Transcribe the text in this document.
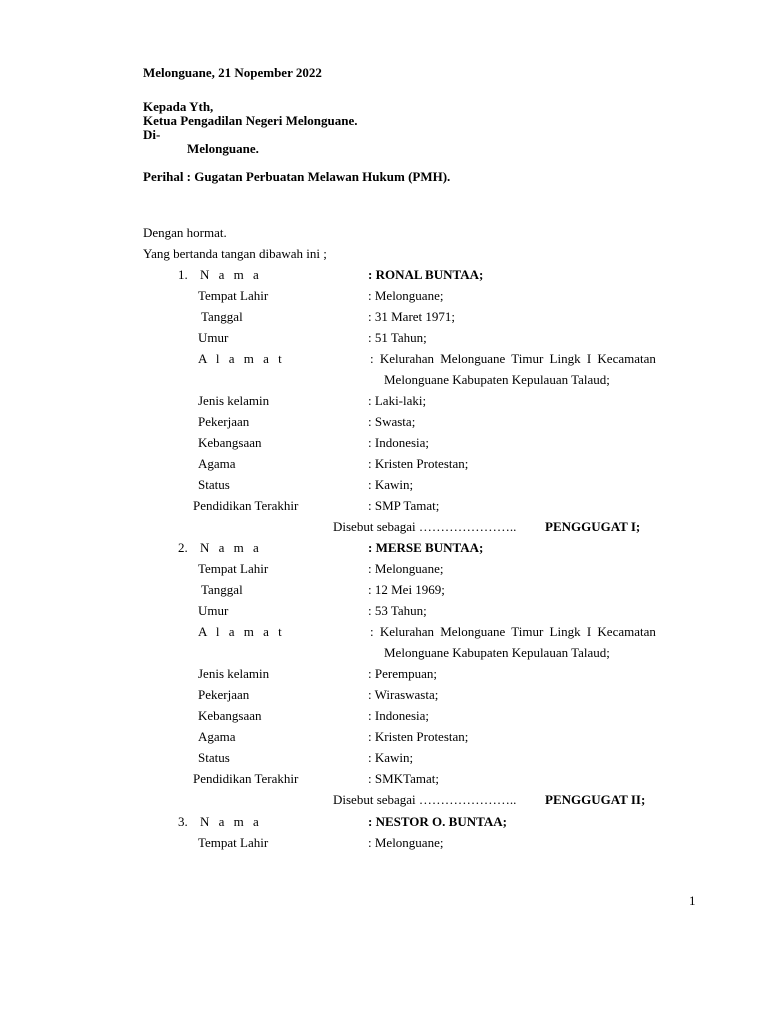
Melonguane, 21 Nopember 2022
Kepada Yth,
Ketua Pengadilan Negeri Melonguane.
Di-
Melonguane.
Perihal : Gugatan Perbuatan Melawan Hukum (PMH).
Dengan hormat.
Yang bertanda tangan dibawah ini ;
1. N a m a	: RONAL BUNTAA;
Tempat Lahir	: Melonguane;
Tanggal	: 31 Maret 1971;
Umur	: 51 Tahun;
A l a m a t	: Kelurahan Melonguane Timur Lingk I Kecamatan
Melonguane Kabupaten Kepulauan Talaud;
Jenis kelamin	: Laki-laki;
Pekerjaan	: Swasta;
Kebangsaan	: Indonesia;
Agama	: Kristen Protestan;
Status	: Kawin;
Pendidikan Terakhir	: SMP Tamat;
Disebut sebagai ………………….. PENGGUGAT I;
2. N a m a	: MERSE BUNTAA;
Tempat Lahir	: Melonguane;
Tanggal	: 12 Mei 1969;
Umur	: 53 Tahun;
A l a m a t	: Kelurahan Melonguane Timur Lingk I Kecamatan
Melonguane Kabupaten Kepulauan Talaud;
Jenis kelamin	: Perempuan;
Pekerjaan	: Wiraswasta;
Kebangsaan	: Indonesia;
Agama	: Kristen Protestan;
Status	: Kawin;
Pendidikan Terakhir	: SMKTamat;
Disebut sebagai ………………….. PENGGUGAT II;
3. N a m a	: NESTOR O. BUNTAA;
Tempat Lahir	: Melonguane;
1
